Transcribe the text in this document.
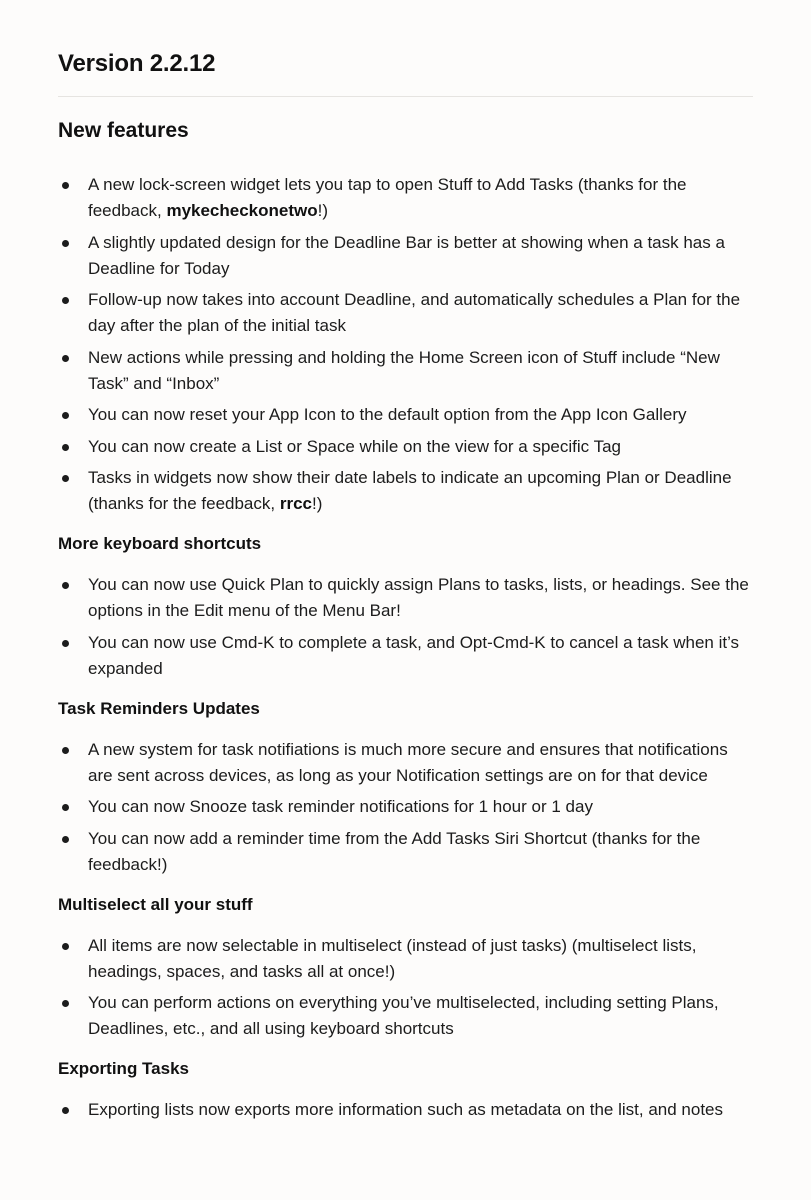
Version 2.2.12
New features
A new lock-screen widget lets you tap to open Stuff to Add Tasks (thanks for the feedback, mykecheckonetwo!)
A slightly updated design for the Deadline Bar is better at showing when a task has a Deadline for Today
Follow-up now takes into account Deadline, and automatically schedules a Plan for the day after the plan of the initial task
New actions while pressing and holding the Home Screen icon of Stuff include “New Task” and “Inbox”
You can now reset your App Icon to the default option from the App Icon Gallery
You can now create a List or Space while on the view for a specific Tag
Tasks in widgets now show their date labels to indicate an upcoming Plan or Deadline (thanks for the feedback, rrcc!)
More keyboard shortcuts
You can now use Quick Plan to quickly assign Plans to tasks, lists, or headings. See the options in the Edit menu of the Menu Bar!
You can now use Cmd-K to complete a task, and Opt-Cmd-K to cancel a task when it’s expanded
Task Reminders Updates
A new system for task notifiations is much more secure and ensures that notifications are sent across devices, as long as your Notification settings are on for that device
You can now Snooze task reminder notifications for 1 hour or 1 day
You can now add a reminder time from the Add Tasks Siri Shortcut (thanks for the feedback!)
Multiselect all your stuff
All items are now selectable in multiselect (instead of just tasks) (multiselect lists, headings, spaces, and tasks all at once!)
You can perform actions on everything you’ve multiselected, including setting Plans, Deadlines, etc., and all using keyboard shortcuts
Exporting Tasks
Exporting lists now exports more information such as metadata on the list, and notes
